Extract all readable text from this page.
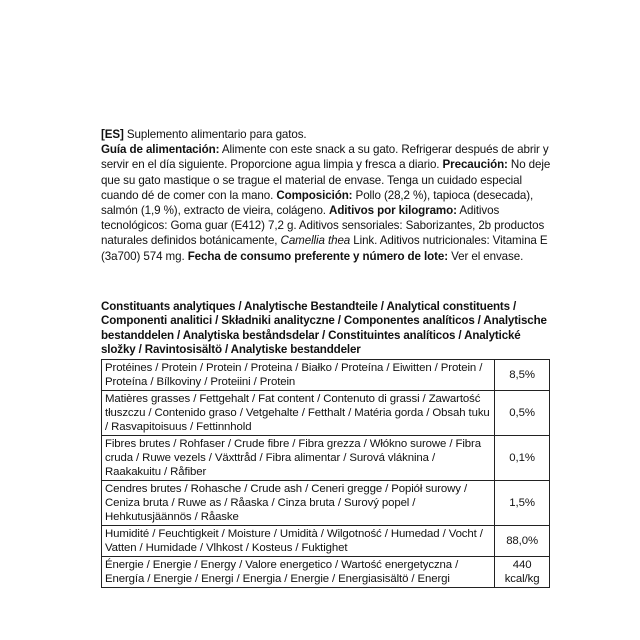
[ES] Suplemento alimentario para gatos.
Guía de alimentación: Alimente con este snack a su gato. Refrigerar después de abrir y servir en el día siguiente. Proporcione agua limpia y fresca a diario. Precaución: No deje que su gato mastique o se trague el material de envase. Tenga un cuidado especial cuando dé de comer con la mano. Composición: Pollo (28,2 %), tapioca (desecada), salmón (1,9 %), extracto de vieira, colágeno. Aditivos por kilogramo: Aditivos tecnológicos: Goma guar (E412) 7,2 g. Aditivos sensoriales: Saborizantes, 2b productos naturales definidos botánicamente, Camellia thea Link. Aditivos nutricionales: Vitamina E (3a700) 574 mg. Fecha de consumo preferente y número de lote: Ver el envase.

Constituants analytiques / Analytische Bestandteile / Analytical constituents / Componenti analitici / Składniki analityczne / Componentes analíticos / Analytische bestanddelen / Analytiska beståndsdelar / Constituintes analíticos / Analytické složky / Ravintosisältö / Analytiske bestanddeler
Protéines / Protein / Protein / Proteina / Białko / Proteína / Eiwitten / Protein / Proteína / Bílkoviny / Proteiini / Protein	8,5%
Matières grasses / Fettgehalt / Fat content / Contenuto di grassi / Zawartość tłuszczu / Contenido graso / Vetgehalte / Fetthalt / Matéria gorda / Obsah tuku / Rasvapitoisuus / Fettinnhold	0,5%
Fibres brutes / Rohfaser / Crude fibre / Fibra grezza / Włókno surowe / Fibra cruda / Ruwe vezels / Växttråd / Fibra alimentar / Surová vláknina / Raakakuitu / Råfiber	0,1%
Cendres brutes / Rohasche / Crude ash / Ceneri gregge / Popiół surowy / Ceniza bruta / Ruwe as / Råaska / Cinza bruta / Surový popel / Hehkutusjäännös / Råaske	1,5%
Humidité / Feuchtigkeit / Moisture / Umidità / Wilgotność / Humedad / Vocht / Vatten / Humidade / Vlhkost / Kosteus / Fuktighet	88,0%
Énergie / Energie / Energy / Valore energetico / Wartość energetyczna / Energía / Energie / Energi / Energia / Energie / Energiasisältö / Energi	440 kcal/kg
